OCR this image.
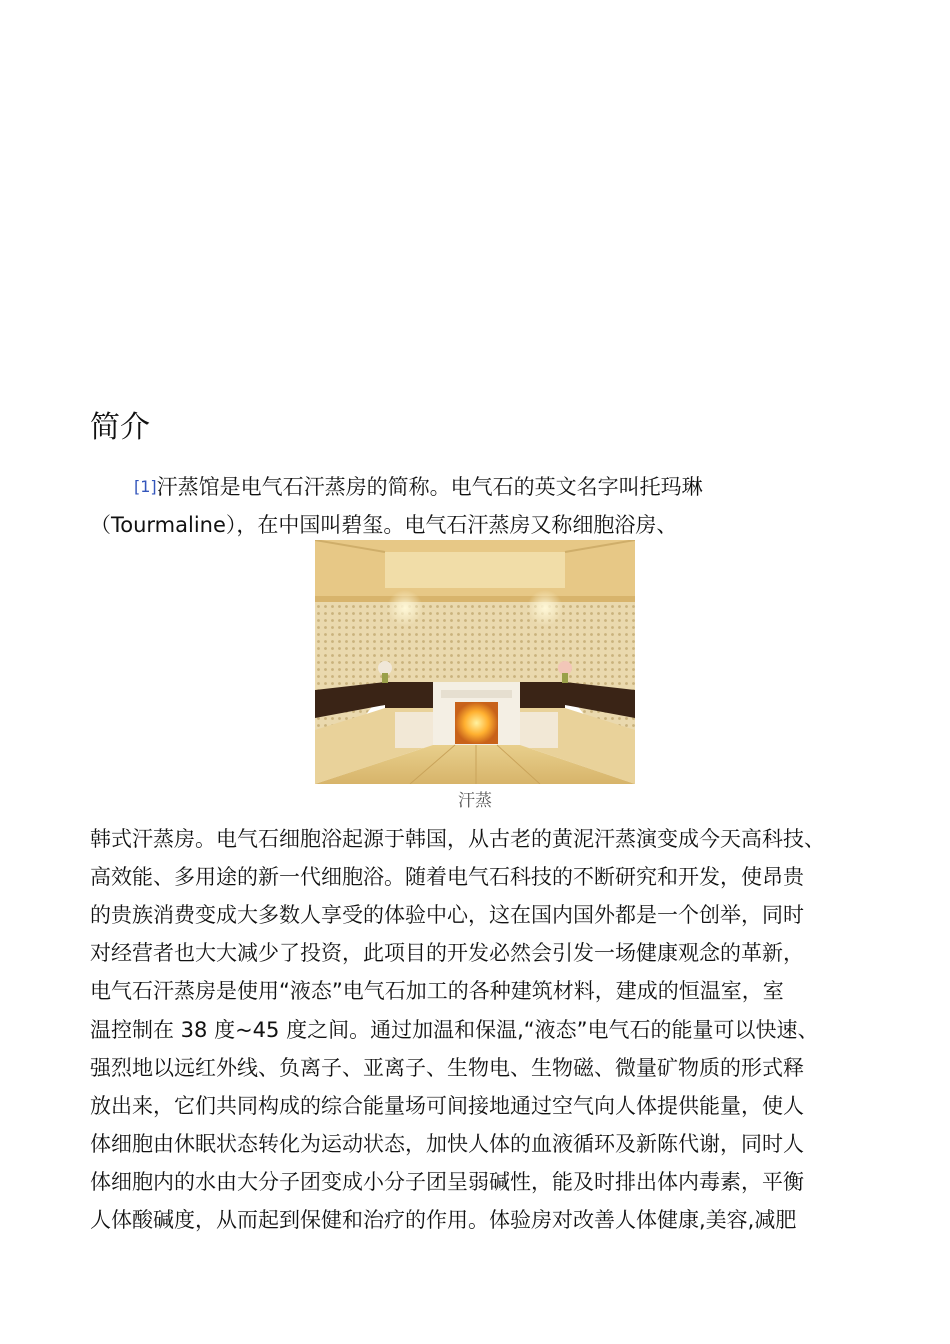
简介
[1]汗蒸馆是电气石汗蒸房的简称。电气石的英文名字叫托玛琳
（Tourmaline），在中国叫碧玺。电气石汗蒸房又称细胞浴房、
汗蒸
韩式汗蒸房。电气石细胞浴起源于韩国，从古老的黄泥汗蒸演变成今天高科技、
高效能、多用途的新一代细胞浴。随着电气石科技的不断研究和开发，使昂贵
的贵族消费变成大多数人享受的体验中心，这在国内国外都是一个创举，同时
对经营者也大大减少了投资，此项目的开发必然会引发一场健康观念的革新，
电气石汗蒸房是使用“液态”电气石加工的各种建筑材料，建成的恒温室，室
温控制在 38 度~45 度之间。通过加温和保温,“液态”电气石的能量可以快速、
强烈地以远红外线、负离子、亚离子、生物电、生物磁、微量矿物质的形式释
放出来，它们共同构成的综合能量场可间接地通过空气向人体提供能量，使人
体细胞由休眠状态转化为运动状态，加快人体的血液循环及新陈代谢，同时人
体细胞内的水由大分子团变成小分子团呈弱碱性，能及时排出体内毒素，平衡
人体酸碱度，从而起到保健和治疗的作用。体验房对改善人体健康,美容,减肥
